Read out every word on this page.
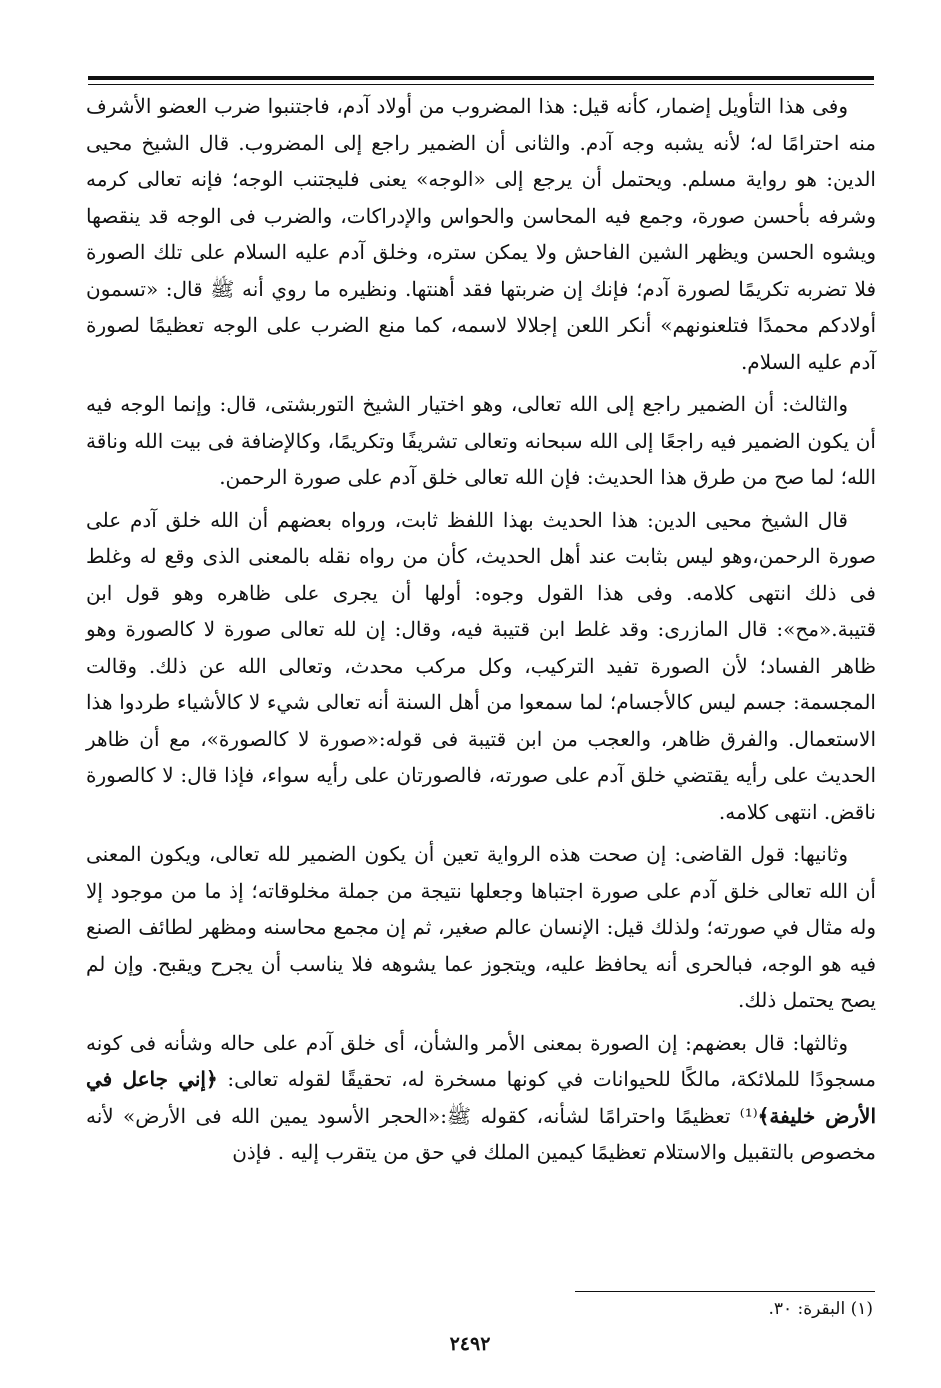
وفى هذا التأويل إضمار، كأنه قيل: هذا المضروب من أولاد آدم، فاجتنبوا ضرب العضو الأشرف منه احترامًا له؛ لأنه يشبه وجه آدم. والثانى أن الضمير راجع إلى المضروب. قال الشيخ محيى الدين: هو رواية مسلم. ويحتمل أن يرجع إلى «الوجه» يعنى فليجتنب الوجه؛ فإنه تعالى كرمه وشرفه بأحسن صورة، وجمع فيه المحاسن والحواس والإدراكات، والضرب فى الوجه قد ينقصها ويشوه الحسن ويظهر الشين الفاحش ولا يمكن ستره، وخلق آدم عليه السلام على تلك الصورة فلا تضربه تكريمًا لصورة آدم؛ فإنك إن ضربتها فقد أهنتها. ونظيره ما روي أنه ﷺ قال: «تسمون أولادكم محمدًا فتلعنونهم» أنكر اللعن إجلالا لاسمه، كما منع الضرب على الوجه تعظيمًا لصورة آدم عليه السلام.

والثالث: أن الضمير راجع إلى الله تعالى، وهو اختيار الشيخ التوربشتى، قال: وإنما الوجه فيه أن يكون الضمير فيه راجعًا إلى الله سبحانه وتعالى تشريفًا وتكريمًا، وكالإضافة فى بيت الله وناقة الله؛ لما صح من طرق هذا الحديث: فإن الله تعالى خلق آدم على صورة الرحمن.

قال الشيخ محيى الدين: هذا الحديث بهذا اللفظ ثابت، ورواه بعضهم أن الله خلق آدم على صورة الرحمن،وهو ليس بثابت عند أهل الحديث، كأن من رواه نقله بالمعنى الذى وقع له وغلط فى ذلك انتهى كلامه. وفى هذا القول وجوه: أولها أن يجرى على ظاهره وهو قول ابن قتيبة.«مح»: قال المازرى: وقد غلط ابن قتيبة فيه، وقال: إن لله تعالى صورة لا كالصورة وهو ظاهر الفساد؛ لأن الصورة تفيد التركيب، وكل مركب محدث، وتعالى الله عن ذلك. وقالت المجسمة: جسم ليس كالأجسام؛ لما سمعوا من أهل السنة أنه تعالى شيء لا كالأشياء طردوا هذا الاستعمال. والفرق ظاهر، والعجب من ابن قتيبة فى قوله:«صورة لا كالصورة»، مع أن ظاهر الحديث على رأيه يقتضي خلق آدم على صورته، فالصورتان على رأيه سواء، فإذا قال: لا كالصورة ناقض. انتهى كلامه.

وثانيها: قول القاضى: إن صحت هذه الرواية تعين أن يكون الضمير لله تعالى، ويكون المعنى أن الله تعالى خلق آدم على صورة اجتباها وجعلها نتيجة من جملة مخلوقاته؛ إذ ما من موجود إلا وله مثال في صورته؛ ولذلك قيل: الإنسان عالم صغير، ثم إن مجمع محاسنه ومظهر لطائف الصنع فيه هو الوجه، فبالحرى أنه يحافظ عليه، ويتجوز عما يشوهه فلا يناسب أن يجرح ويقبح. وإن لم يصح يحتمل ذلك.

وثالثها: قال بعضهم: إن الصورة بمعنى الأمر والشأن، أى خلق آدم على حاله وشأنه فى كونه مسجودًا للملائكة، مالكًا للحيوانات في كونها مسخرة له، تحقيقًا لقوله تعالى: ﴿إني جاعل في الأرض خليفة﴾⁽¹⁾ تعظيمًا واحترامًا لشأنه، كقوله ﷺ:«الحجر الأسود يمين الله فى الأرض» لأنه مخصوص بالتقبيل والاستلام تعظيمًا كيمين الملك في حق من يتقرب إليه . فإذن

(١) البقرة: ٣٠.
٢٤٩٢
